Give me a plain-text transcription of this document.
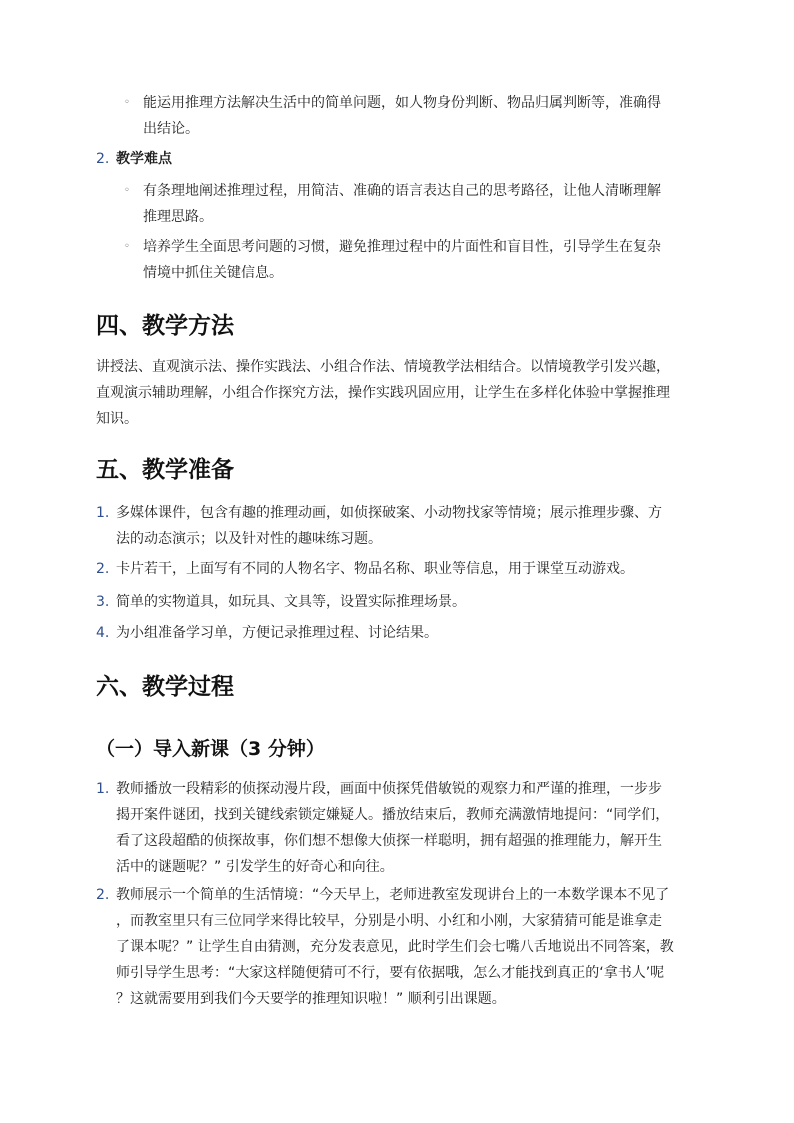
◦ 能运用推理方法解决生活中的简单问题，如人物身份判断、物品归属判断等，准确得
出结论。
2. 教学难点
◦ 有条理地阐述推理过程，用简洁、准确的语言表达自己的思考路径，让他人清晰理解
推理思路。
◦ 培养学生全面思考问题的习惯，避免推理过程中的片面性和盲目性，引导学生在复杂
情境中抓住关键信息。
四、教学方法
讲授法、直观演示法、操作实践法、小组合作法、情境教学法相结合。以情境教学引发兴趣，
直观演示辅助理解，小组合作探究方法，操作实践巩固应用，让学生在多样化体验中掌握推理
知识。
五、教学准备
1. 多媒体课件，包含有趣的推理动画，如侦探破案、小动物找家等情境；展示推理步骤、方
法的动态演示；以及针对性的趣味练习题。
2. 卡片若干，上面写有不同的人物名字、物品名称、职业等信息，用于课堂互动游戏。
3. 简单的实物道具，如玩具、文具等，设置实际推理场景。
4. 为小组准备学习单，方便记录推理过程、讨论结果。
六、教学过程
（一）导入新课（3 分钟）
1. 教师播放一段精彩的侦探动漫片段，画面中侦探凭借敏锐的观察力和严谨的推理，一步步
揭开案件谜团，找到关键线索锁定嫌疑人。播放结束后，教师充满激情地提问：“同学们，
看了这段超酷的侦探故事，你们想不想像大侦探一样聪明，拥有超强的推理能力，解开生
活中的谜题呢？” 引发学生的好奇心和向往。
2. 教师展示一个简单的生活情境：“今天早上，老师进教室发现讲台上的一本数学课本不见了
，而教室里只有三位同学来得比较早，分别是小明、小红和小刚，大家猜猜可能是谁拿走
了课本呢？” 让学生自由猜测，充分发表意见，此时学生们会七嘴八舌地说出不同答案，教
师引导学生思考：“大家这样随便猜可不行，要有依据哦，怎么才能找到真正的‘拿书人’呢
？这就需要用到我们今天要学的推理知识啦！” 顺利引出课题。
